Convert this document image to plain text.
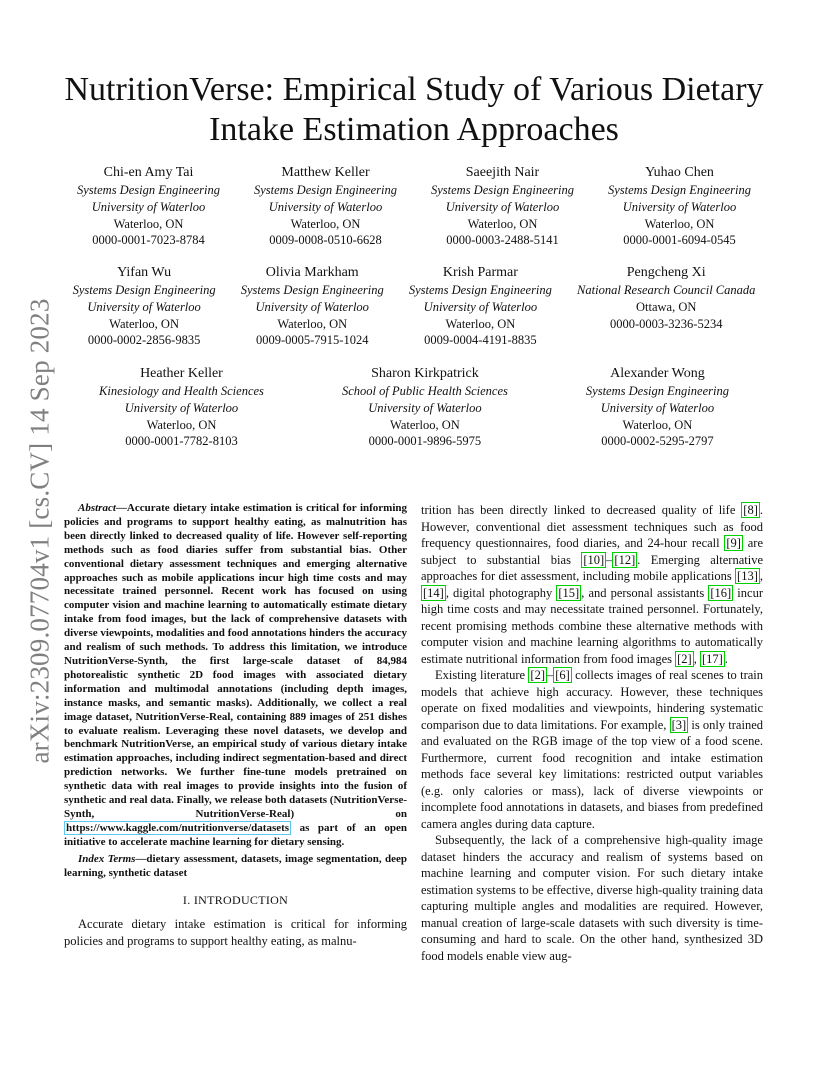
arXiv:2309.07704v1 [cs.CV] 14 Sep 2023
NutritionVerse: Empirical Study of Various Dietary Intake Estimation Approaches
Chi-en Amy Tai
Systems Design Engineering
University of Waterloo
Waterloo, ON
0000-0001-7023-8784
Matthew Keller
Systems Design Engineering
University of Waterloo
Waterloo, ON
0009-0008-0510-6628
Saeejith Nair
Systems Design Engineering
University of Waterloo
Waterloo, ON
0000-0003-2488-5141
Yuhao Chen
Systems Design Engineering
University of Waterloo
Waterloo, ON
0000-0001-6094-0545
Yifan Wu
Systems Design Engineering
University of Waterloo
Waterloo, ON
0000-0002-2856-9835
Olivia Markham
Systems Design Engineering
University of Waterloo
Waterloo, ON
0009-0005-7915-1024
Krish Parmar
Systems Design Engineering
University of Waterloo
Waterloo, ON
0009-0004-4191-8835
Pengcheng Xi
National Research Council Canada
Ottawa, ON
0000-0003-3236-5234
Heather Keller
Kinesiology and Health Sciences
University of Waterloo
Waterloo, ON
0000-0001-7782-8103
Sharon Kirkpatrick
School of Public Health Sciences
University of Waterloo
Waterloo, ON
0000-0001-9896-5975
Alexander Wong
Systems Design Engineering
University of Waterloo
Waterloo, ON
0000-0002-5295-2797

Abstract—Accurate dietary intake estimation is critical for informing policies and programs to support healthy eating, as malnutrition has been directly linked to decreased quality of life. However self-reporting methods such as food diaries suffer from substantial bias. Other conventional dietary assessment techniques and emerging alternative approaches such as mobile applications incur high time costs and may necessitate trained personnel. Recent work has focused on using computer vision and machine learning to automatically estimate dietary intake from food images, but the lack of comprehensive datasets with diverse viewpoints, modalities and food annotations hinders the accuracy and realism of such methods. To address this limitation, we introduce NutritionVerse-Synth, the first large-scale dataset of 84,984 photorealistic synthetic 2D food images with associated dietary information and multimodal annotations (including depth images, instance masks, and semantic masks). Additionally, we collect a real image dataset, NutritionVerse-Real, containing 889 images of 251 dishes to evaluate realism. Leveraging these novel datasets, we develop and benchmark NutritionVerse, an empirical study of various dietary intake estimation approaches, including indirect segmentation-based and direct prediction networks. We further fine-tune models pretrained on synthetic data with real images to provide insights into the fusion of synthetic and real data. Finally, we release both datasets (NutritionVerse-Synth, NutritionVerse-Real) on https://www.kaggle.com/nutritionverse/datasets as part of an open initiative to accelerate machine learning for dietary sensing.

Index Terms—dietary assessment, datasets, image segmentation, deep learning, synthetic dataset

I. INTRODUCTION

Accurate dietary intake estimation is critical for informing policies and programs to support healthy eating, as malnu-

trition has been directly linked to decreased quality of life [8] . However, conventional diet assessment techniques such as food frequency questionnaires, food diaries, and 24-hour recall [9] are subject to substantial bias [10] – [12] . Emerging alternative approaches for diet assessment, including mobile applications [13] , [14] , digital photography [15] , and personal assistants [16] incur high time costs and may necessitate trained personnel. Fortunately, recent promising methods combine these alternative methods with computer vision and machine learning algorithms to automatically estimate nutritional information from food images [2] , [17] .

Existing literature [2] – [6] collects images of real scenes to train models that achieve high accuracy. However, these techniques operate on fixed modalities and viewpoints, hindering systematic comparison due to data limitations. For example, [3] is only trained and evaluated on the RGB image of the top view of a food scene. Furthermore, current food recognition and intake estimation methods face several key limitations: restricted output variables (e.g. only calories or mass), lack of diverse viewpoints or incomplete food annotations in datasets, and biases from predefined camera angles during data capture.

Subsequently, the lack of a comprehensive high-quality image dataset hinders the accuracy and realism of systems based on machine learning and computer vision. For such dietary intake estimation systems to be effective, diverse high-quality training data capturing multiple angles and modalities are required. However, manual creation of large-scale datasets with such diversity is time-consuming and hard to scale. On the other hand, synthesized 3D food models enable view aug-
